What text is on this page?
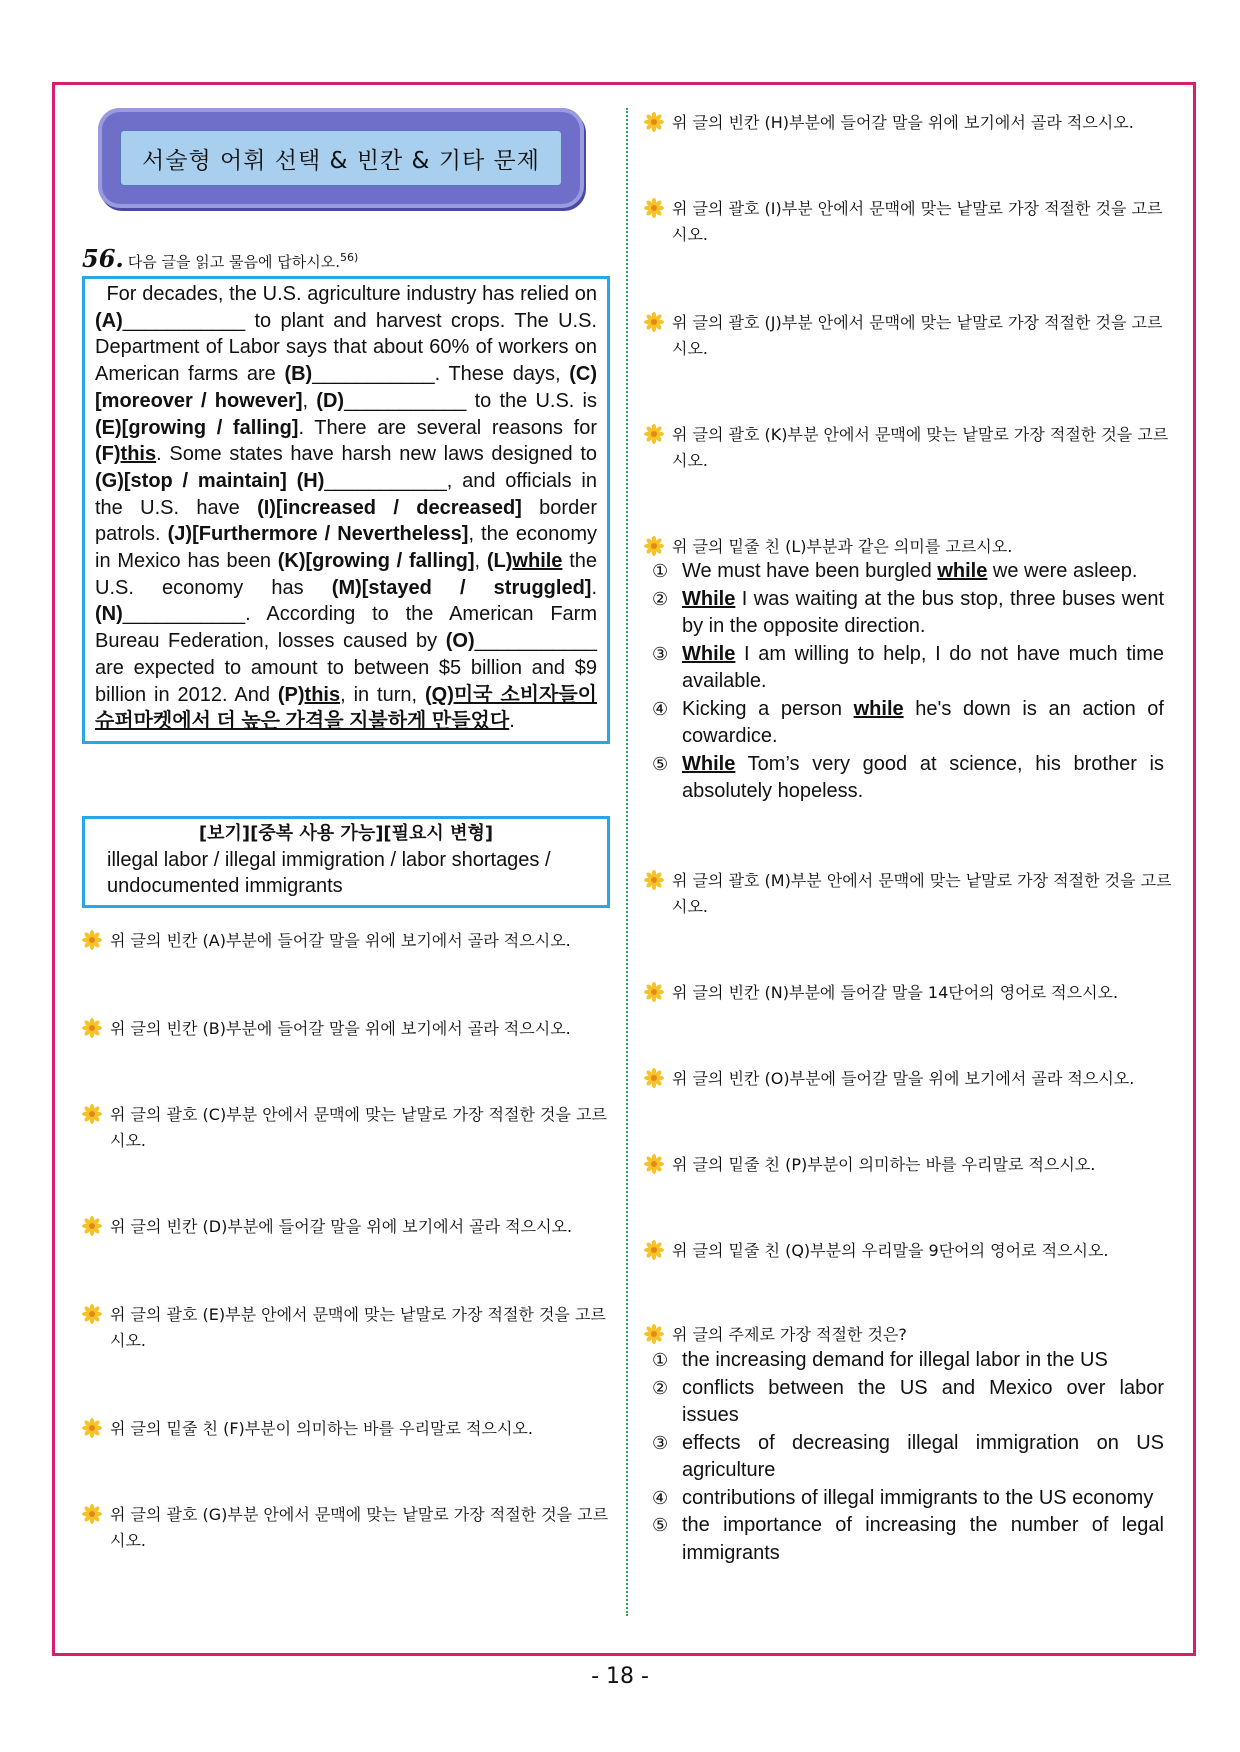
서술형 어휘 선택 & 빈칸 & 기타 문제
56. 다음 글을 읽고 물음에 답하시오.$^{56)}$
For decades, the U.S. agriculture industry has relied on (A)___________ to plant and harvest crops. The U.S. Department of Labor says that about 60% of workers on American farms are (B)___________. These days, (C)[moreover / however], (D)___________ to the U.S. is (E)[growing / falling]. There are several reasons for (F)this. Some states have harsh new laws designed to (G)[stop / maintain] (H)___________, and officials in the U.S. have (I)[increased / decreased] border patrols. (J)[Furthermore / Nevertheless], the economy in Mexico has been (K)[growing / falling], (L)while the U.S. economy has (M)[stayed / struggled]. (N)___________. According to the American Farm Bureau Federation, losses caused by (O)___________ are expected to amount to between $5 billion and $9 billion in 2012. And (P)this, in turn, (Q)미국 소비자들이 슈퍼마켓에서 더 높은 가격을 지불하게 만들었다.
[보기][중복 사용 가능][필요시 변형]
illegal labor / illegal immigration / labor shortages / undocumented immigrants
위 글의 빈칸 (A)부분에 들어갈 말을 위에 보기에서 골라 적으시오.
위 글의 빈칸 (B)부분에 들어갈 말을 위에 보기에서 골라 적으시오.
위 글의 괄호 (C)부분 안에서 문맥에 맞는 낱말로 가장 적절한 것을 고르시오.
위 글의 빈칸 (D)부분에 들어갈 말을 위에 보기에서 골라 적으시오.
위 글의 괄호 (E)부분 안에서 문맥에 맞는 낱말로 가장 적절한 것을 고르시오.
위 글의 밑줄 친 (F)부분이 의미하는 바를 우리말로 적으시오.
위 글의 괄호 (G)부분 안에서 문맥에 맞는 낱말로 가장 적절한 것을 고르시오.
위 글의 빈칸 (H)부분에 들어갈 말을 위에 보기에서 골라 적으시오.
위 글의 괄호 (I)부분 안에서 문맥에 맞는 낱말로 가장 적절한 것을 고르시오.
위 글의 괄호 (J)부분 안에서 문맥에 맞는 낱말로 가장 적절한 것을 고르시오.
위 글의 괄호 (K)부분 안에서 문맥에 맞는 낱말로 가장 적절한 것을 고르시오.
위 글의 밑줄 친 (L)부분과 같은 의미를 고르시오.
위 글의 괄호 (M)부분 안에서 문맥에 맞는 낱말로 가장 적절한 것을 고르시오.
위 글의 빈칸 (N)부분에 들어갈 말을 14단어의 영어로 적으시오.
위 글의 빈칸 (O)부분에 들어갈 말을 위에 보기에서 골라 적으시오.
위 글의 밑줄 친 (P)부분이 의미하는 바를 우리말로 적으시오.
위 글의 밑줄 친 (Q)부분의 우리말을 9단어의 영어로 적으시오.
위 글의 주제로 가장 적절한 것은?
- 18 -
① We must have been burgled while we were asleep.
② While I was waiting at the bus stop, three buses went by in the opposite direction.
③ While I am willing to help, I do not have much time available.
④ Kicking a person while he's down is an action of cowardice.
⑤ While Tom’s very good at science, his brother is absolutely hopeless.
① the increasing demand for illegal labor in the US
② conflicts between the US and Mexico over labor issues
③ effects of decreasing illegal immigration on US agriculture
④ contributions of illegal immigrants to the US economy
⑤ the importance of increasing the number of legal immigrants
